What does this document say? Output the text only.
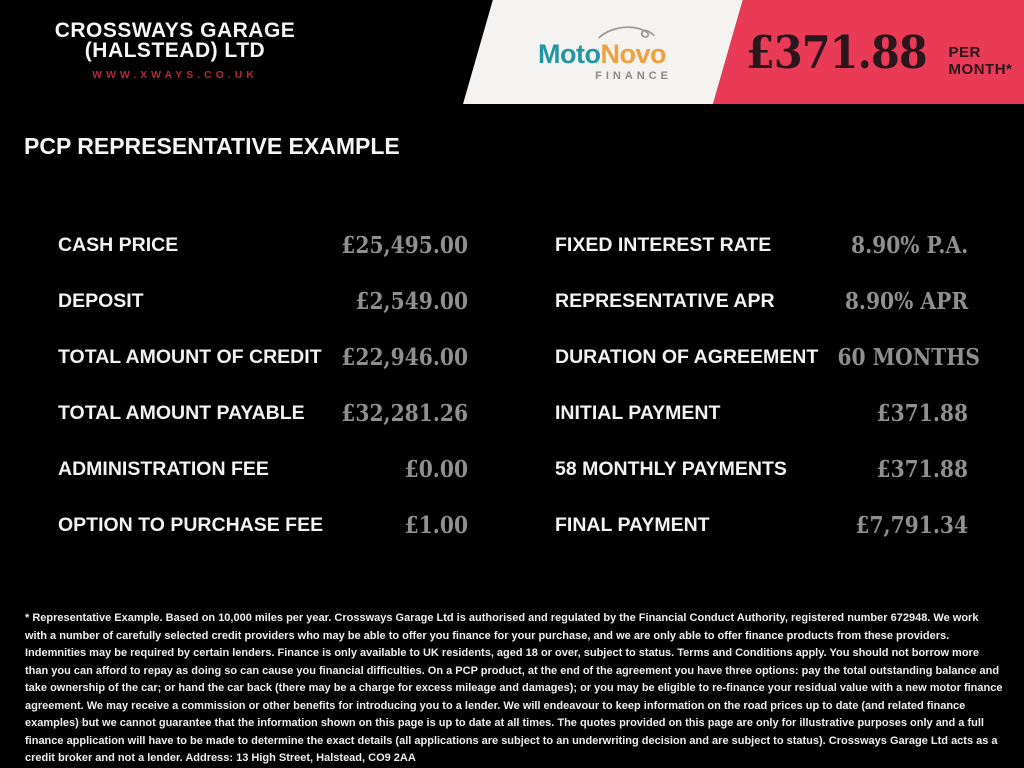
CROSSWAYS GARAGE
(HALSTEAD) LTD
WWW.XWAYS.CO.UK
MotoNovo
FINANCE £371.88 PER MONTH*
PCP REPRESENTATIVE EXAMPLE
CASH PRICE	£25,495.00
DEPOSIT	£2,549.00
TOTAL AMOUNT OF CREDIT £22,946.00
TOTAL AMOUNT PAYABLE £32,281.26
ADMINISTRATION FEE	£0.00
OPTION TO PURCHASE FEE	£1.00
FIXED INTEREST RATE	8.90% P.A.
REPRESENTATIVE APR	8.90% APR
DURATION OF AGREEMENT 60 MONTHS
INITIAL PAYMENT	£371.88
58 MONTHLY PAYMENTS	£371.88
FINAL PAYMENT	£7,791.34
* Representative Example. Based on 10,000 miles per year. Crossways Garage Ltd is authorised and regulated by the Financial Conduct Authority, registered number 672948. We work with a number of carefully selected credit providers who may be able to offer you finance for your purchase, and we are only able to offer finance products from these providers. Indemnities may be required by certain lenders. Finance is only available to UK residents, aged 18 or over, subject to status. Terms and Conditions apply. You should not borrow more than you can afford to repay as doing so can cause you financial difficulties. On a PCP product, at the end of the agreement you have three options: pay the total outstanding balance and take ownership of the car; or hand the car back (there may be a charge for excess mileage and damages); or you may be eligible to re-finance your residual value with a new motor finance agreement. We may receive a commission or other benefits for introducing you to a lender. We will endeavour to keep information on the road prices up to date (and related finance examples) but we cannot guarantee that the information shown on this page is up to date at all times. The quotes provided on this page are only for illustrative purposes only and a full finance application will have to be made to determine the exact details (all applications are subject to an underwriting decision and are subject to status). Crossways Garage Ltd acts as a credit broker and not a lender. Address: 13 High Street, Halstead, CO9 2AA
